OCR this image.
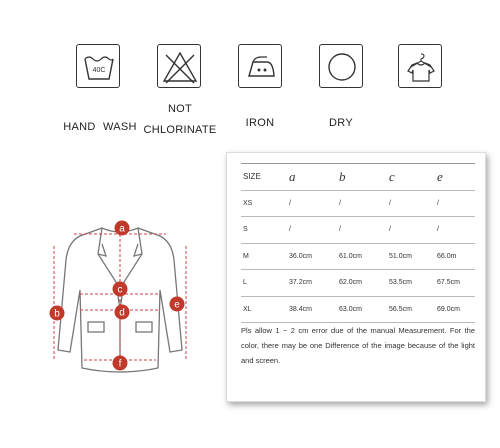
40C
HAND WASH
NOT
CHLORINATE
IRON	DRY
a
b
c
d
e
f
SIZE a	b	c	e
XS	/	/	/	/
S	/	/	/	/
M	36.0cm	61.0cm	51.0cm	66.0m
L	37.2cm	62.0cm	53.5cm	67.5cm
XL	38.4cm	63.0cm	56.5cm	69.0cm
Pls allow 1 ~ 2 cm error due of the manual Measurement. For the color, there may be one Difference of the image because of the light and screen.
